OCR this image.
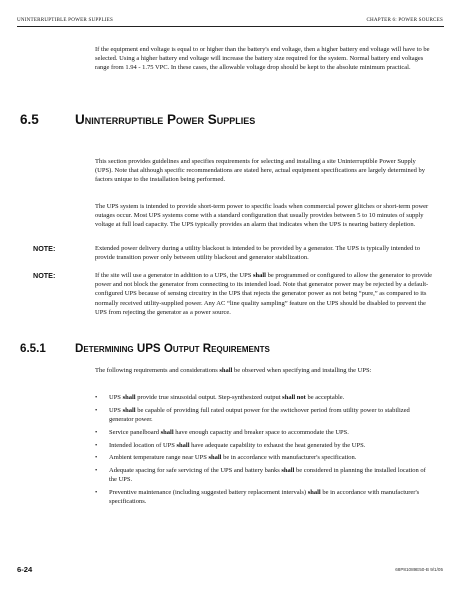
UNINTERRUPTIBLE POWER SUPPLIES	CHAPTER 6: POWER SOURCES

If the equipment end voltage is equal to or higher than the battery's end voltage, then a higher battery end voltage will have to be selected. Using a higher battery end voltage will increase the battery size required for the system. Normal battery end voltages range from 1.94 - 1.75 VPC. In these cases, the allowable voltage drop should be kept to the absolute minimum practical.

6.5	Uninterruptible Power Supplies

This section provides guidelines and specifies requirements for selecting and installing a site Uninterruptible Power Supply (UPS). Note that although specific recommendations are stated here, actual equipment specifications are largely determined by factors unique to the installation being performed.

The UPS system is intended to provide short-term power to specific loads when commercial power glitches or short-term power outages occur. Most UPS systems come with a standard configuration that usually provides between 5 to 10 minutes of supply voltage at full load capacity. The UPS typically provides an alarm that indicates when the UPS is nearing battery depletion.

NOTE:	Extended power delivery during a utility blackout is intended to be provided by a generator. The UPS is typically intended to provide transition power only between utility blackout and generator stabilization.
NOTE:	If the site will use a generator in addition to a UPS, the UPS shall be programmed or configured to allow the generator to provide power and not block the generator from connecting to its intended load. Note that generator power may be rejected by a default-configured UPS because of sensing circuitry in the UPS that rejects the generator power as not being “pure,” as compared to its normally received utility-supplied power. Any AC “line quality sampling” feature on the UPS should be disabled to prevent the UPS from rejecting the generator as a power source.
6.5.1	Determining UPS Output Requirements

The following requirements and considerations shall be observed when specifying and installing the UPS:

• UPS shall provide true sinusoidal output. Step-synthesized output shall not be acceptable.
• UPS shall be capable of providing full rated output power for the switchover period from utility power to stabilized generator power.
• Service panelboard shall have enough capacity and breaker space to accommodate the UPS.
• Intended location of UPS shall have adequate capability to exhaust the heat generated by the UPS.
• Ambient temperature range near UPS shall be in accordance with manufacturer's specification.
• Adequate spacing for safe servicing of the UPS and battery banks shall be considered in planning the installed location of the UPS.
• Preventive maintenance (including suggested battery replacement intervals) shall be in accordance with manufacturer's specifications.
6-24	68P81089E50-B 9/1/05
